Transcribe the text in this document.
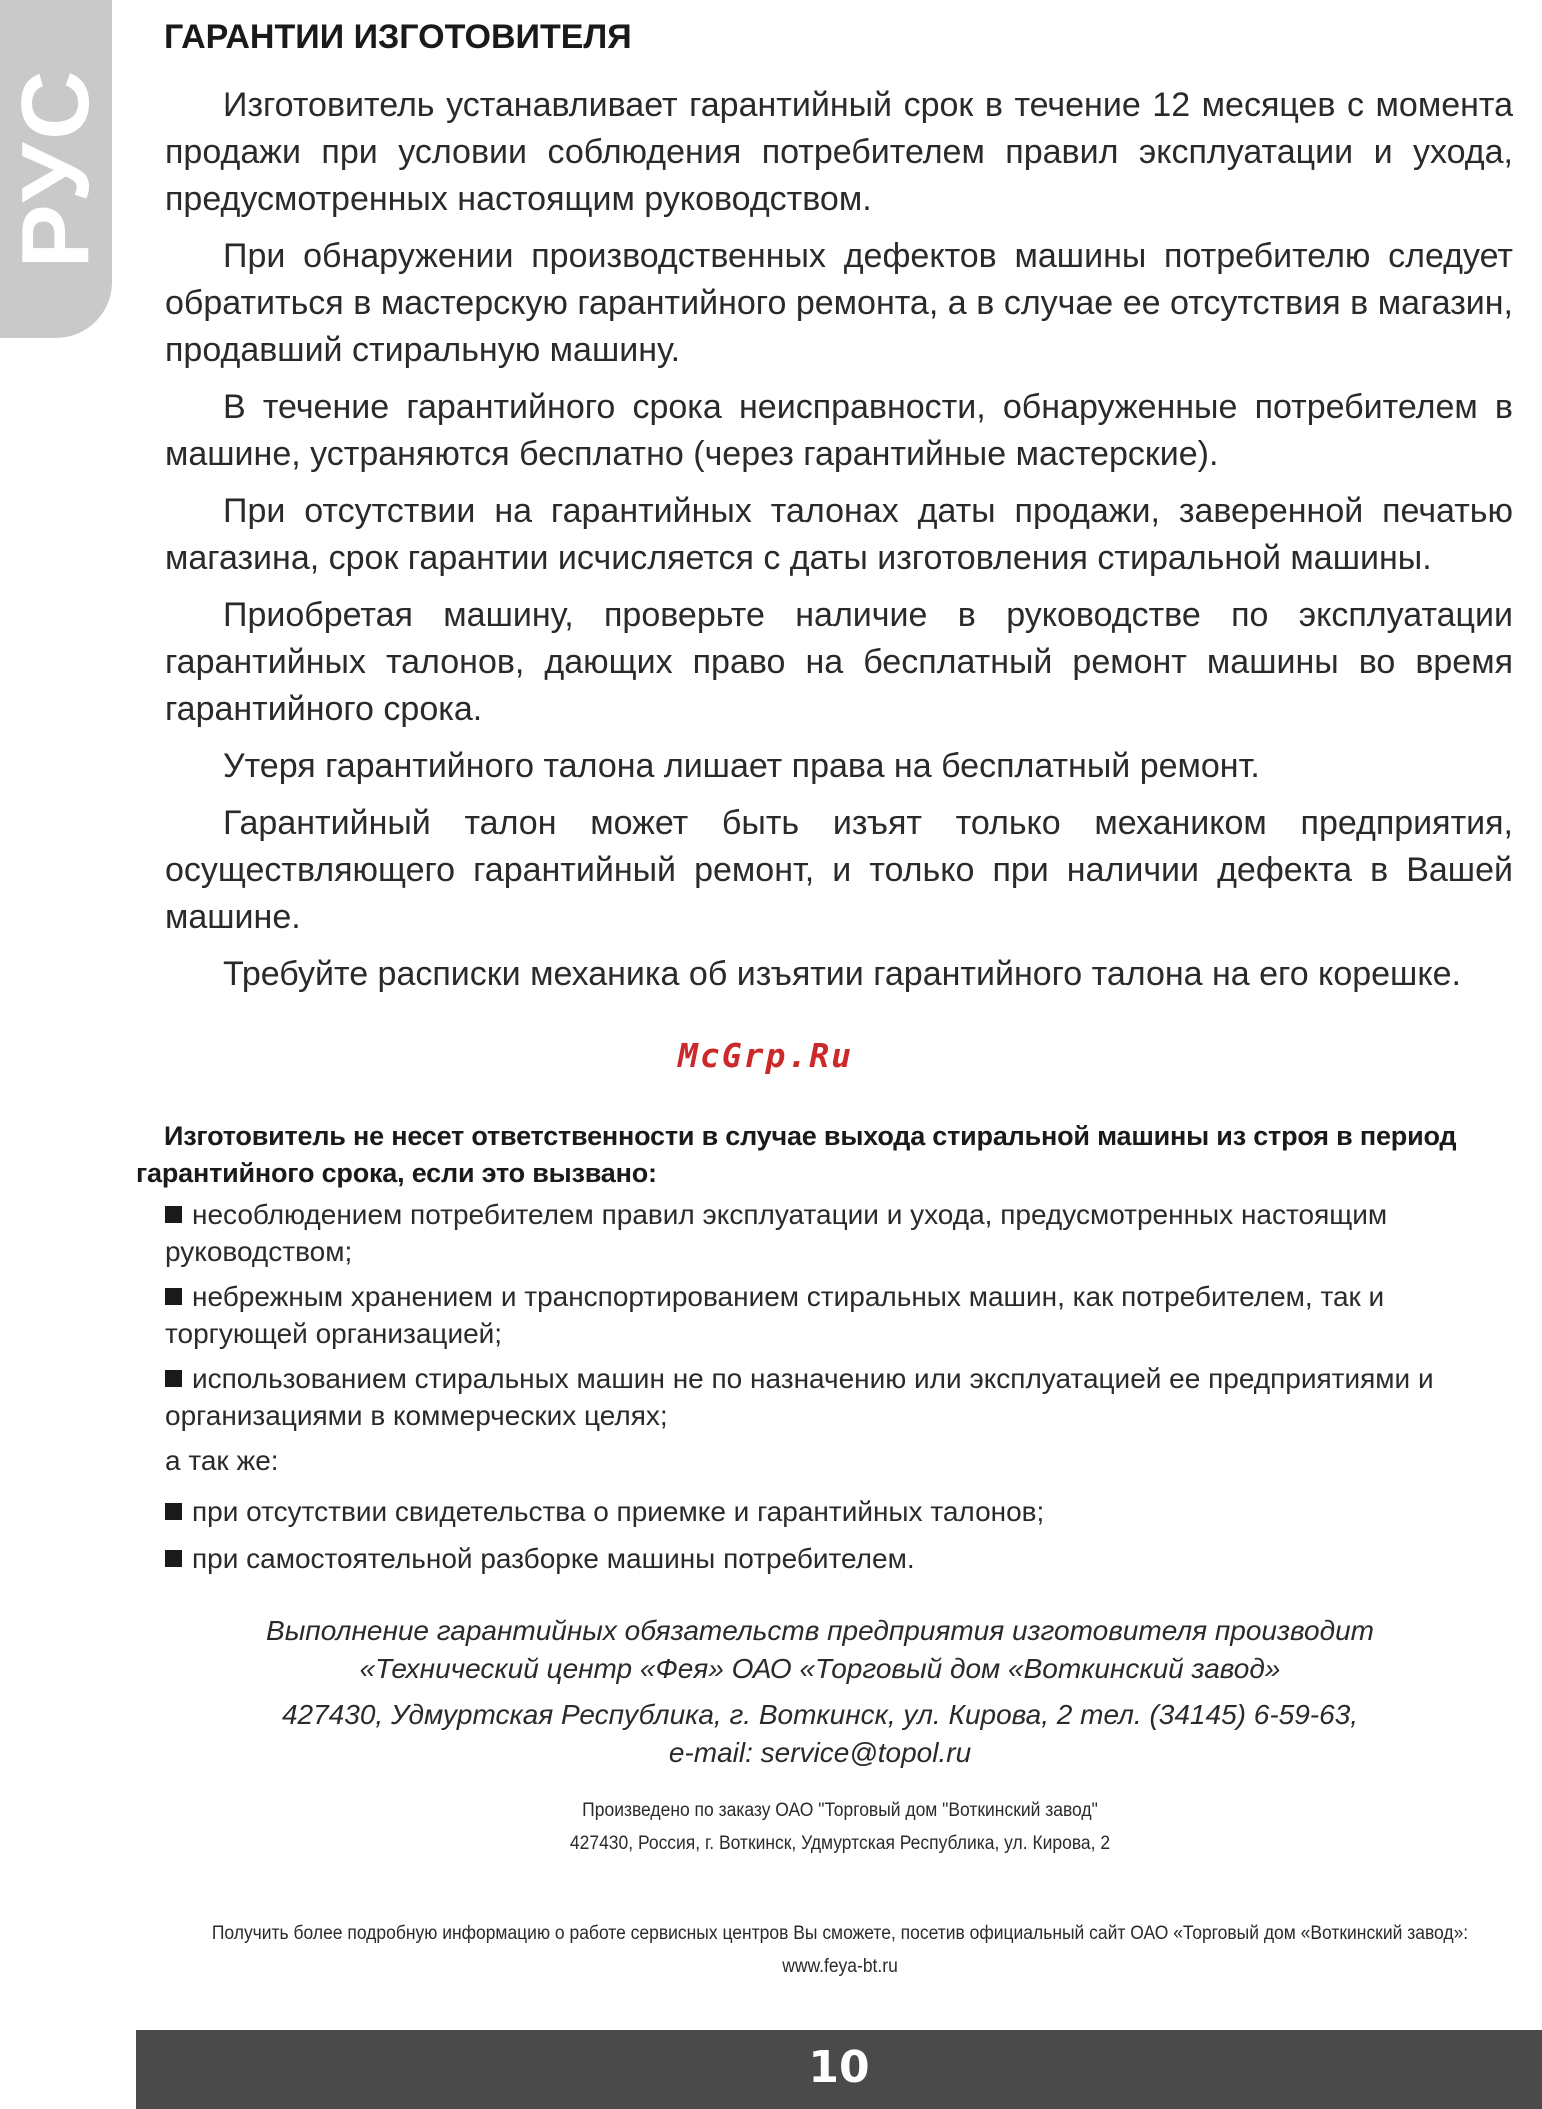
РУС
ГАРАНТИИ ИЗГОТОВИТЕЛЯ

Изготовитель устанавливает гарантийный срок в течение 12 месяцев с момента продажи при условии соблюдения потребителем правил эксплуатации и ухода, предусмотренных настоящим руководством.

При обнаружении производственных дефектов машины потребителю следует обратиться в мастерскую гарантийного ремонта, а в случае ее отсутствия в магазин, продавший стиральную машину.

В течение гарантийного срока неисправности, обнаруженные потребителем в машине, устраняются бесплатно (через гарантийные мастерские).

При отсутствии на гарантийных талонах даты продажи, заверенной печатью магазина, срок гарантии исчисляется с даты изготовления стиральной машины.

Приобретая машину, проверьте наличие в руководстве по эксплуатации гарантийных талонов, дающих право на бесплатный ремонт машины во время гарантийного срока.

Утеря гарантийного талона лишает права на бесплатный ремонт.

Гарантийный талон может быть изъят только механиком предприятия, осуществляющего гарантийный ремонт, и только при наличии дефекта в Вашей машине.

Требуйте расписки механика об изъятии гарантийного талона на его корешке.

McGrp.Ru
Изготовитель не несет ответственности в случае выхода стиральной машины из строя в период
гарантийного срока, если это вызвано:
несоблюдением потребителем правил эксплуатации и ухода, предусмотренных настоящим руководством;
небрежным хранением и транспортированием стиральных машин, как потребителем, так и торгующей организацией;
использованием стиральных машин не по назначению или эксплуатацией ее предприятиями и организациями в коммерческих целях;
а так же:
при отсутствии свидетельства о приемке и гарантийных талонов;
при самостоятельной разборке машины потребителем.
Выполнение гарантийных обязательств предприятия изготовителя производит
«Технический центр «Фея» ОАО «Торговый дом «Воткинский завод»
427430, Удмуртская Республика, г. Воткинск, ул. Кирова, 2 тел. (34145) 6-59-63,
e-mail: service@topol.ru
Произведено по заказу ОАО "Торговый дом "Воткинский завод"
427430, Россия, г. Воткинск, Удмуртская Республика, ул. Кирова, 2
Получить более подробную информацию о работе сервисных центров Вы сможете, посетив официальный сайт ОАО «Торговый дом «Воткинский завод»:
www.feya-bt.ru
10
